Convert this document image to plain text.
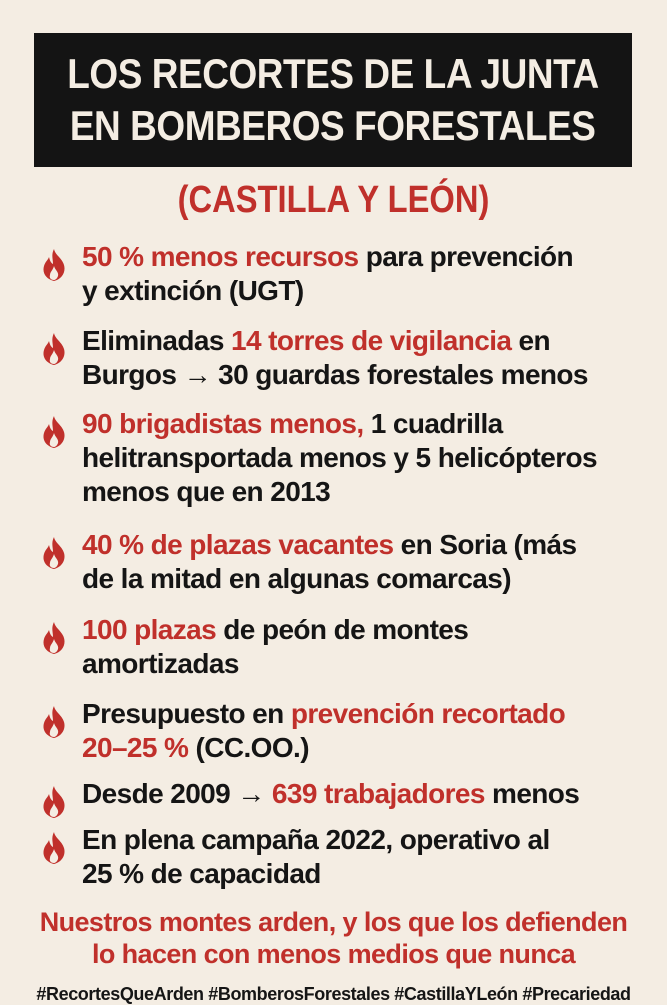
LOS RECORTES DE LA JUNTA
EN BOMBEROS FORESTALES
(CASTILLA Y LEÓN)
50 % menos recursos para prevención
y extinción (UGT)
Eliminadas 14 torres de vigilancia en
Burgos → 30 guardas forestales menos
90 brigadistas menos, 1 cuadrilla
helitransportada menos y 5 helicópteros
menos que en 2013
40 % de plazas vacantes en Soria (más
de la mitad en algunas comarcas)
100 plazas de peón de montes
amortizadas
Presupuesto en prevención recortado
20–25 % (CC.OO.)
Desde 2009 → 639 trabajadores menos
En plena campaña 2022, operativo al
25 % de capacidad
Nuestros montes arden, y los que los defienden
lo hacen con menos medios que nunca
#RecortesQueArden #BomberosForestales #CastillaYLeón #Precariedad
